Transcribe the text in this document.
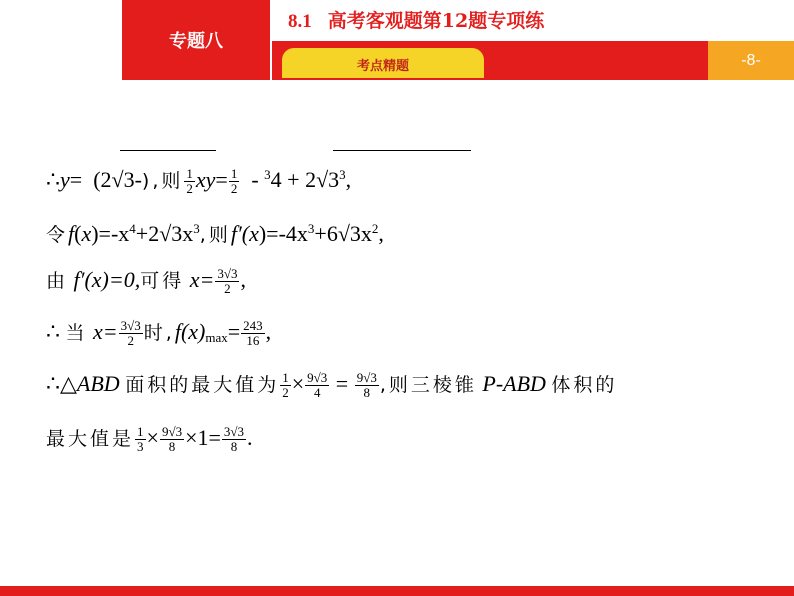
专题八
8.1 高考客观题第12题专项练
考点精题	-8-
∴y= (2√3-),则 $\frac{1}{2} xy= \frac{1}{2} - ^34 + 2√3^3$,
令$f(x)=-x^4+2√3x^3$,则$f'(x)=-4x^3+6√3x^2$,
由 f′(x)=0,可得 $x= \frac{3√3}{2}$ ,
∴ 当 $x= \frac{3√3}{2}$ 时$,f(x)_{max}= \frac{243}{16}$ ,
∴△ABD 面积的最大值为 $\frac{1}{2} \times \frac{9√3}{4} = \frac{9√3}{8}$ ,则三棱锥 P-ABD 体积的
最大值是 $\frac{1}{3} \times \frac{9√3}{8} \times 1= \frac{3√3}{8}$ .
